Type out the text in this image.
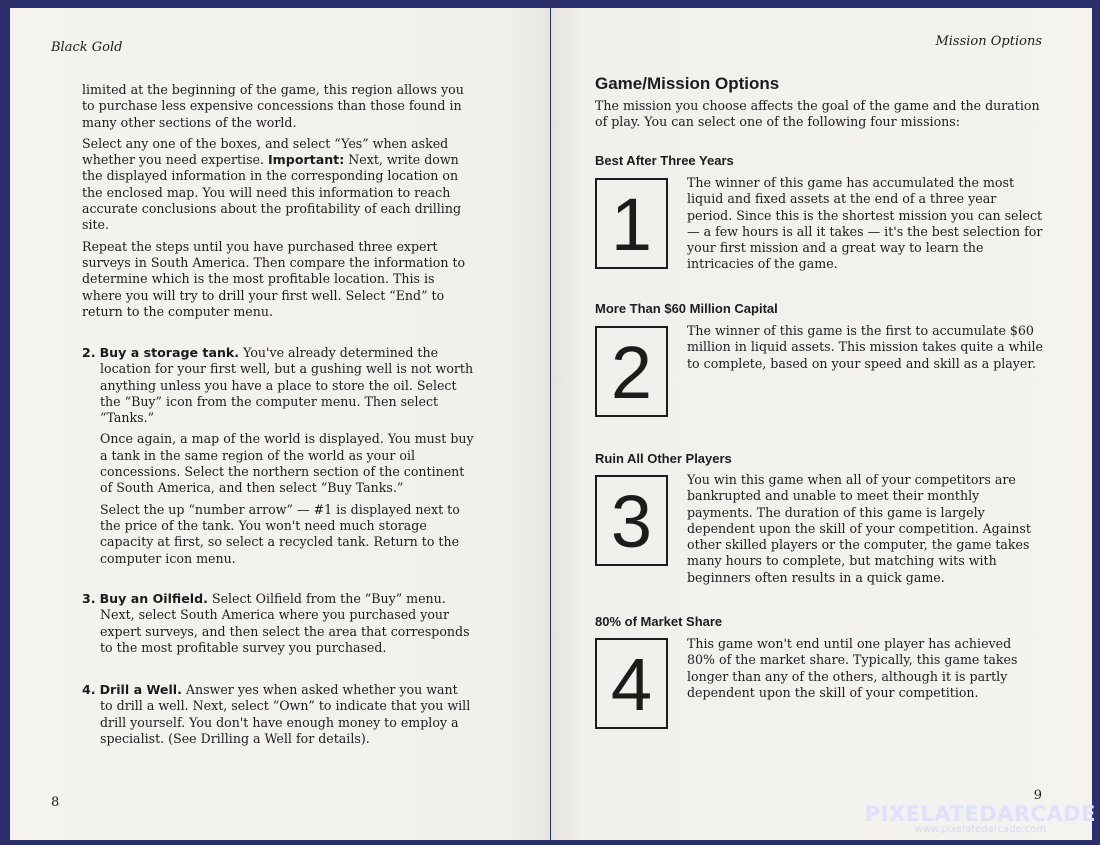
Black Gold

limited at the beginning of the game, this region allows you to purchase less expensive concessions than those found in many other sections of the world.

Select any one of the boxes, and select “Yes” when asked whether you need expertise. Important: Next, write down the displayed information in the corresponding location on the enclosed map. You will need this information to reach accurate conclusions about the profitability of each drilling site.

Repeat the steps until you have purchased three expert surveys in South America. Then compare the information to determine which is the most profitable location. This is where you will try to drill your first well. Select “End” to return to the computer menu.

2. Buy a storage tank. You've already determined the location for your first well, but a gushing well is not worth anything unless you have a place to store the oil. Select the “Buy” icon from the computer menu. Then select “Tanks.”

Once again, a map of the world is displayed. You must buy a tank in the same region of the world as your oil concessions. Select the northern section of the continent of South America, and then select “Buy Tanks.”

Select the up “number arrow” — #1 is displayed next to the price of the tank. You won't need much storage capacity at first, so select a recycled tank. Return to the computer icon menu.

3. Buy an Oilfield. Select Oilfield from the “Buy” menu. Next, select South America where you purchased your expert surveys, and then select the area that corresponds to the most profitable survey you purchased.

4. Drill a Well. Answer yes when asked whether you want to drill a well. Next, select “Own” to indicate that you will drill yourself. You don't have enough money to employ a specialist. (See Drilling a Well for details).

8
Mission Options
Game/Mission Options
The mission you choose affects the goal of the game and the duration of play. You can select one of the following four missions:
Best After Three Years
1
The winner of this game has accumulated the most liquid and fixed assets at the end of a three year period. Since this is the shortest mission you can select — a few hours is all it takes — it's the best selection for your first mission and a great way to learn the intricacies of the game.
More Than $60 Million Capital
2
The winner of this game is the first to accumulate $60 million in liquid assets. This mission takes quite a while to complete, based on your speed and skill as a player.
Ruin All Other Players
3
You win this game when all of your competitors are bankrupted and unable to meet their monthly payments. The duration of this game is largely dependent upon the skill of your competition. Against other skilled players or the computer, the game takes many hours to complete, but matching wits with beginners often results in a quick game.
80% of Market Share
4	This game won't end until one player has achieved 80% of the market share. Typically, this game takes longer than any of the others, although it is partly dependent upon the skill of your competition.
9
PIXELATEDARCADE
www.pixelatedarcade.com
